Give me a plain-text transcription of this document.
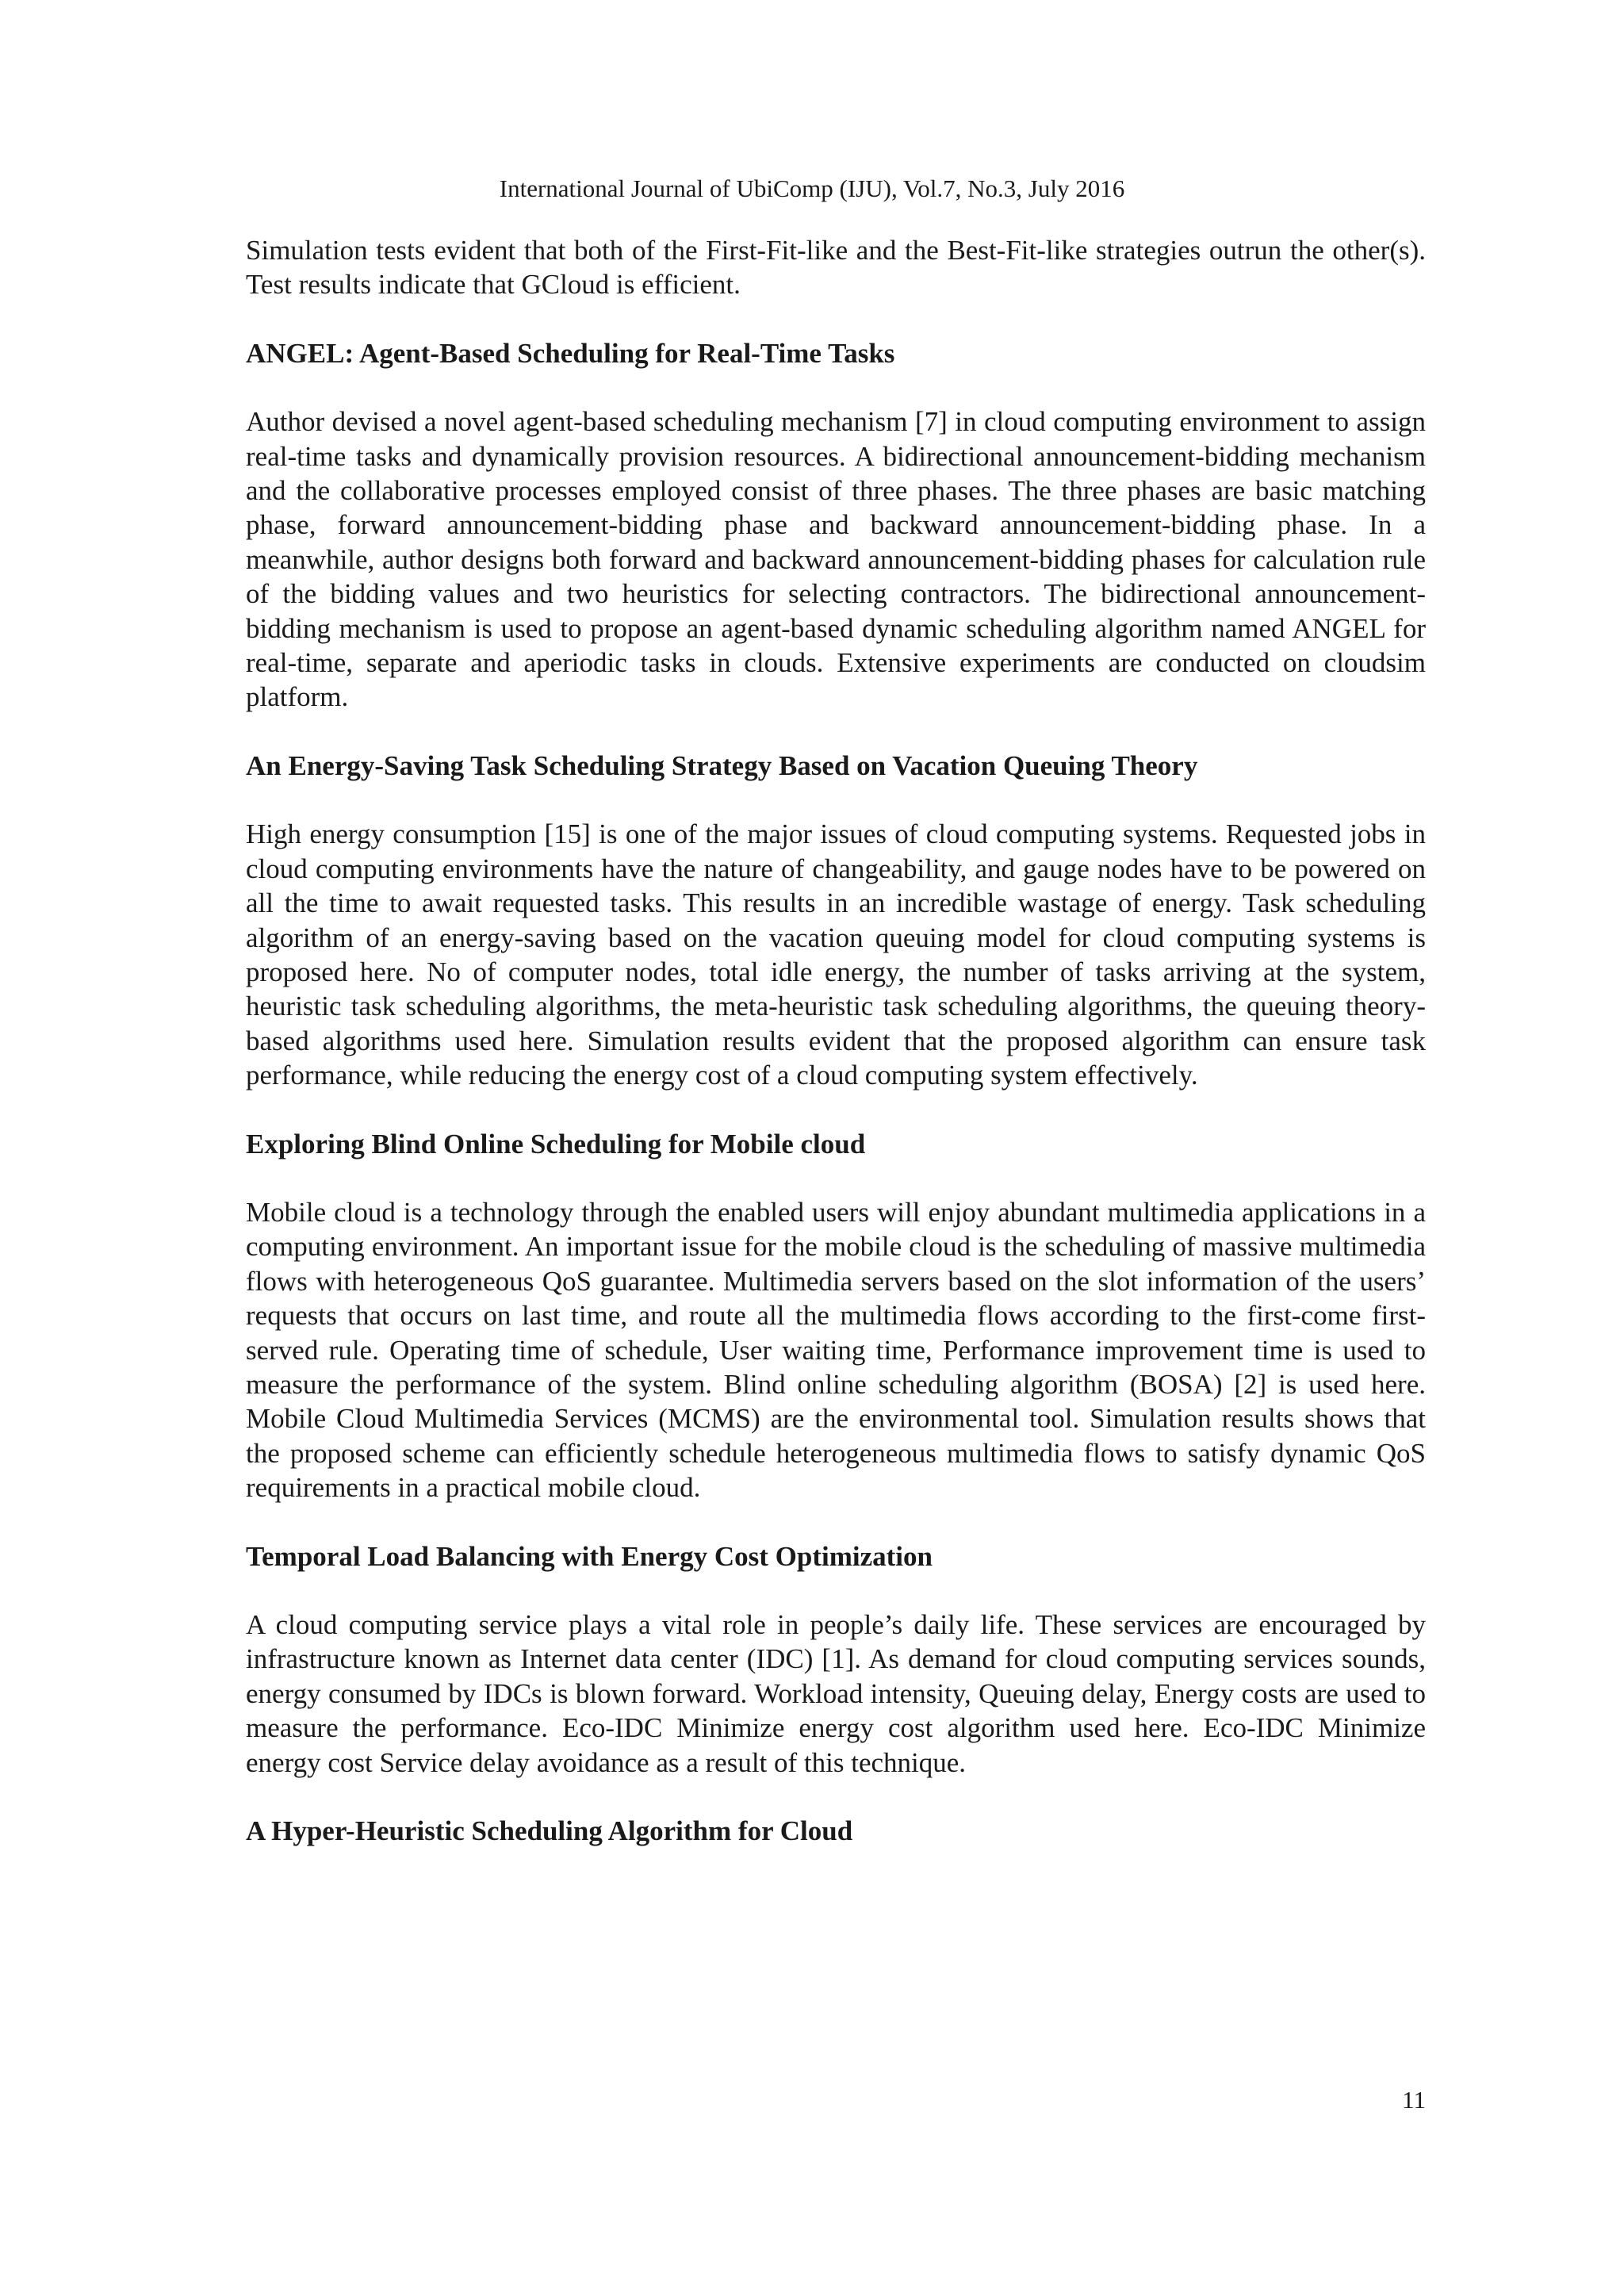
International Journal of UbiComp (IJU), Vol.7, No.3, July 2016

Simulation tests evident that both of the First-Fit-like and the Best-Fit-like strategies outrun the other(s). Test results indicate that GCloud is efficient.

ANGEL: Agent-Based Scheduling for Real-Time Tasks

Author devised a novel agent-based scheduling mechanism [7] in cloud computing environment to assign real-time tasks and dynamically provision resources. A bidirectional announcement-bidding mechanism and the collaborative processes employed consist of three phases. The three phases are basic matching phase, forward announcement-bidding phase and backward announcement-bidding phase. In a meanwhile, author designs both forward and backward announcement-bidding phases for calculation rule of the bidding values and two heuristics for selecting contractors. The bidirectional announcement-bidding mechanism is used to propose an agent-based dynamic scheduling algorithm named ANGEL for real-time, separate and aperiodic tasks in clouds. Extensive experiments are conducted on cloudsim platform.

An Energy-Saving Task Scheduling Strategy Based on Vacation Queuing Theory

High energy consumption [15] is one of the major issues of cloud computing systems. Requested jobs in cloud computing environments have the nature of changeability, and gauge nodes have to be powered on all the time to await requested tasks. This results in an incredible wastage of energy. Task scheduling algorithm of an energy-saving based on the vacation queuing model for cloud computing systems is proposed here. No of computer nodes, total idle energy, the number of tasks arriving at the system, heuristic task scheduling algorithms, the meta-heuristic task scheduling algorithms, the queuing theory-based algorithms used here. Simulation results evident that the proposed algorithm can ensure task performance, while reducing the energy cost of a cloud computing system effectively.

Exploring Blind Online Scheduling for Mobile cloud

Mobile cloud is a technology through the enabled users will enjoy abundant multimedia applications in a computing environment. An important issue for the mobile cloud is the scheduling of massive multimedia flows with heterogeneous QoS guarantee. Multimedia servers based on the slot information of the users’ requests that occurs on last time, and route all the multimedia flows according to the first-come first-served rule. Operating time of schedule, User waiting time, Performance improvement time is used to measure the performance of the system. Blind online scheduling algorithm (BOSA) [2] is used here. Mobile Cloud Multimedia Services (MCMS) are the environmental tool. Simulation results shows that the proposed scheme can efficiently schedule heterogeneous multimedia flows to satisfy dynamic QoS requirements in a practical mobile cloud.

Temporal Load Balancing with Energy Cost Optimization

A cloud computing service plays a vital role in people’s daily life. These services are encouraged by infrastructure known as Internet data center (IDC) [1]. As demand for cloud computing services sounds, energy consumed by IDCs is blown forward. Workload intensity, Queuing delay, Energy costs are used to measure the performance. Eco-IDC Minimize energy cost algorithm used here. Eco-IDC Minimize energy cost Service delay avoidance as a result of this technique.

A Hyper-Heuristic Scheduling Algorithm for Cloud
11
